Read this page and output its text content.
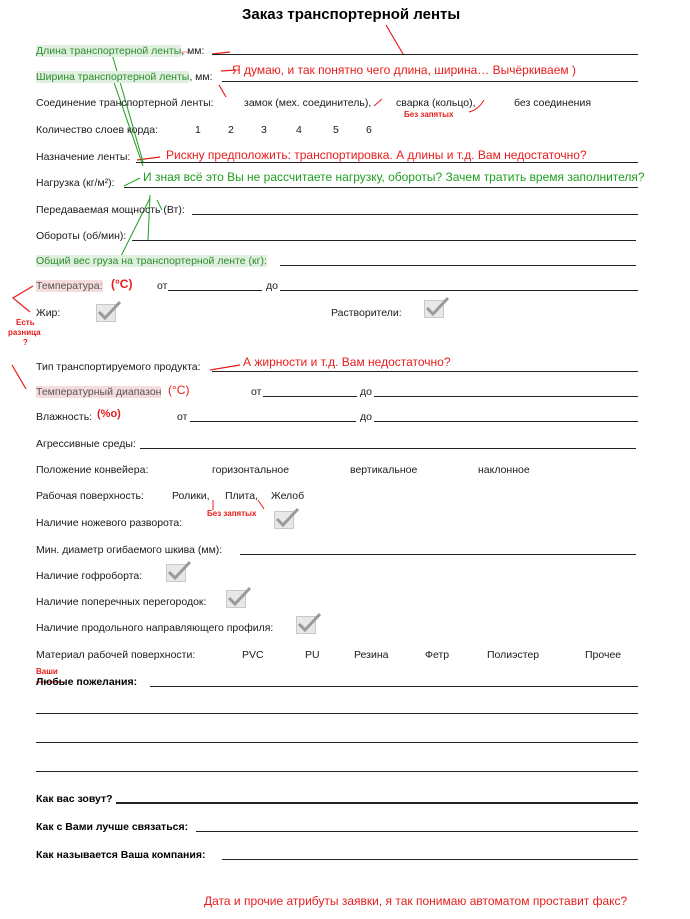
Заказ транспортерной ленты
Длина транспортерной ленты, мм:
Я думаю, и так понятно чего длина, ширина… Вычёркиваем )
Ширина транспортерной ленты, мм:
Соединение транспортерной ленты:	замок (мех. соединитель), сварка (кольцо),	без соединения
Без запятых
Количество слоев корда:	1	2	3	4	5	6
Назначение ленты:	Рискну предположить: транспортировка. А длины и т.д. Вам недостаточно?
Нагрузка (кг/м²): И зная всё это Вы не рассчитаете нагрузку, обороты? Зачем тратить время заполнителя?
Передаваемая мощность (Вт):
Обороты (об/мин):
Общий вес груза на транспортерной ленте (кг):
Температура: (°C) от	до
Есть
разница
?
Жир:	Растворители:
Тип транспортируемого продукта:	А жирности и т.д. Вам недостаточно?
Температурный диапазон (°C)	от	до
Влажность: (%о)	от	до
Агрессивные среды:
Положение конвейера:	горизонтальное	вертикальное	наклонное
Рабочая поверхность:	Ролики, Плита, Желоб
Без запятых
Наличие ножевого разворота:
Мин. диаметр огибаемого шкива (мм):
Наличие гофроборта:
Наличие поперечных перегородок:
Наличие продольного направляющего профиля:
Материал рабочей поверхности:	PVC	PU	Резина	Фетр	Полиэстер	Прочее
Ваши
Любые пожелания:
Как вас зовут?
Как с Вами лучше связаться:
Как называется Ваша компания:
Дата и прочие атрибуты заявки, я так понимаю автоматом проставит факс?
